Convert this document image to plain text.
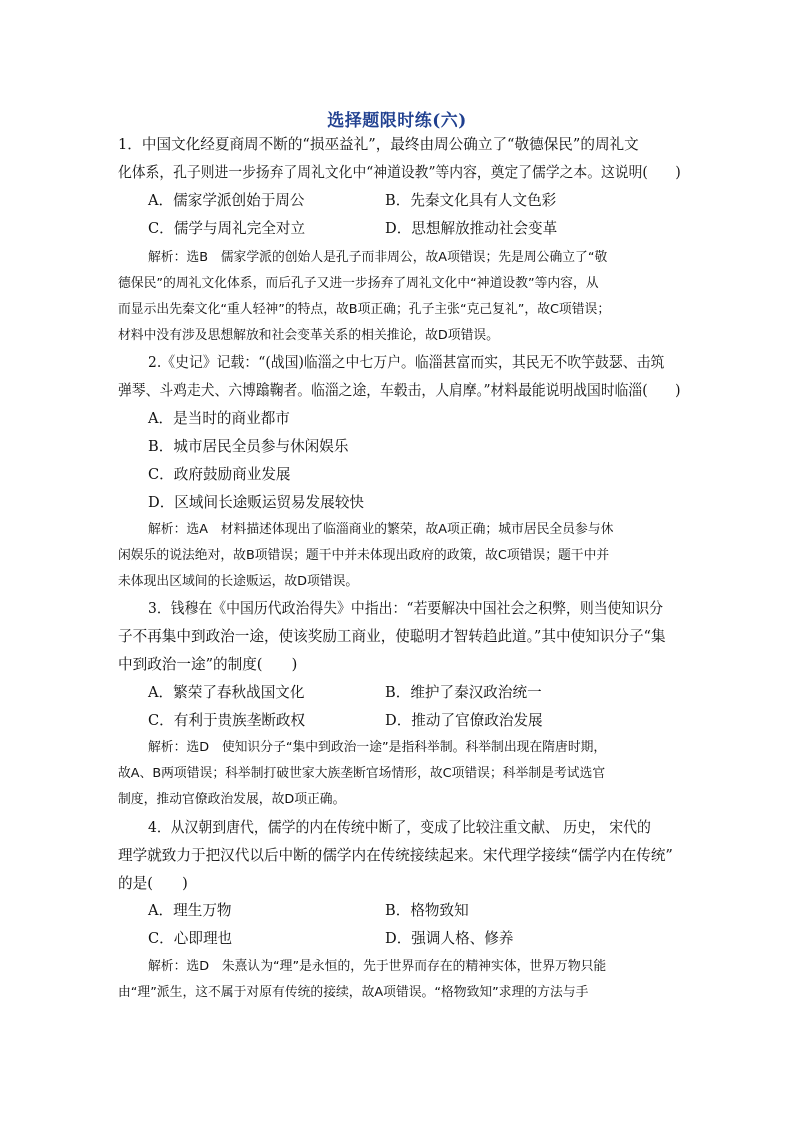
选择题限时练(六)
1．中国文化经夏商周不断的“损巫益礼”，最终由周公确立了“敬德保民”的周礼文
化体系，孔子则进一步扬弃了周礼文化中“神道设教”等内容，奠定了儒学之本。这说明(　　)
A．儒家学派创始于周公	B．先秦文化具有人文色彩
C．儒学与周礼完全对立	D．思想解放推动社会变革
解析：选B　儒家学派的创始人是孔子而非周公，故A项错误；先是周公确立了“敬
德保民”的周礼文化体系，而后孔子又进一步扬弃了周礼文化中“神道设教”等内容，从
而显示出先秦文化“重人轻神”的特点，故B项正确；孔子主张“克己复礼”，故C项错误；
材料中没有涉及思想解放和社会变革关系的相关推论，故D项错误。
2.《史记》记载：“(战国)临淄之中七万户。临淄甚富而实，其民无不吹竽鼓瑟、击筑
弹琴、斗鸡走犬、六博蹹鞠者。临淄之途，车毂击，人肩摩。”材料最能说明战国时临淄(　　)
A．是当时的商业都市
B．城市居民全员参与休闲娱乐
C．政府鼓励商业发展
D．区域间长途贩运贸易发展较快
解析：选A　材料描述体现出了临淄商业的繁荣，故A项正确；城市居民全员参与休
闲娱乐的说法绝对，故B项错误；题干中并未体现出政府的政策，故C项错误；题干中并
未体现出区域间的长途贩运，故D项错误。
3．钱穆在《中国历代政治得失》中指出：“若要解决中国社会之积弊，则当使知识分
子不再集中到政治一途，使该奖励工商业，使聪明才智转趋此道。”其中使知识分子“集
中到政治一途”的制度(　　)
A．繁荣了春秋战国文化	B．维护了秦汉政治统一
C．有利于贵族垄断政权	D．推动了官僚政治发展
解析：选D　使知识分子“集中到政治一途”是指科举制。科举制出现在隋唐时期，
故A、B两项错误；科举制打破世家大族垄断官场情形，故C项错误；科举制是考试选官
制度，推动官僚政治发展，故D项正确。
4．从汉朝到唐代，儒学的内在传统中断了，变成了比较注重文献、 历史， 宋代的
理学就致力于把汉代以后中断的儒学内在传统接续起来。宋代理学接续“儒学内在传统”
的是(　　)
A．理生万物	B．格物致知
C．心即理也	D．强调人格、修养
解析：选D　朱熹认为“理”是永恒的，先于世界而存在的精神实体，世界万物只能
由“理”派生，这不属于对原有传统的接续，故A项错误。“格物致知”求理的方法与手
